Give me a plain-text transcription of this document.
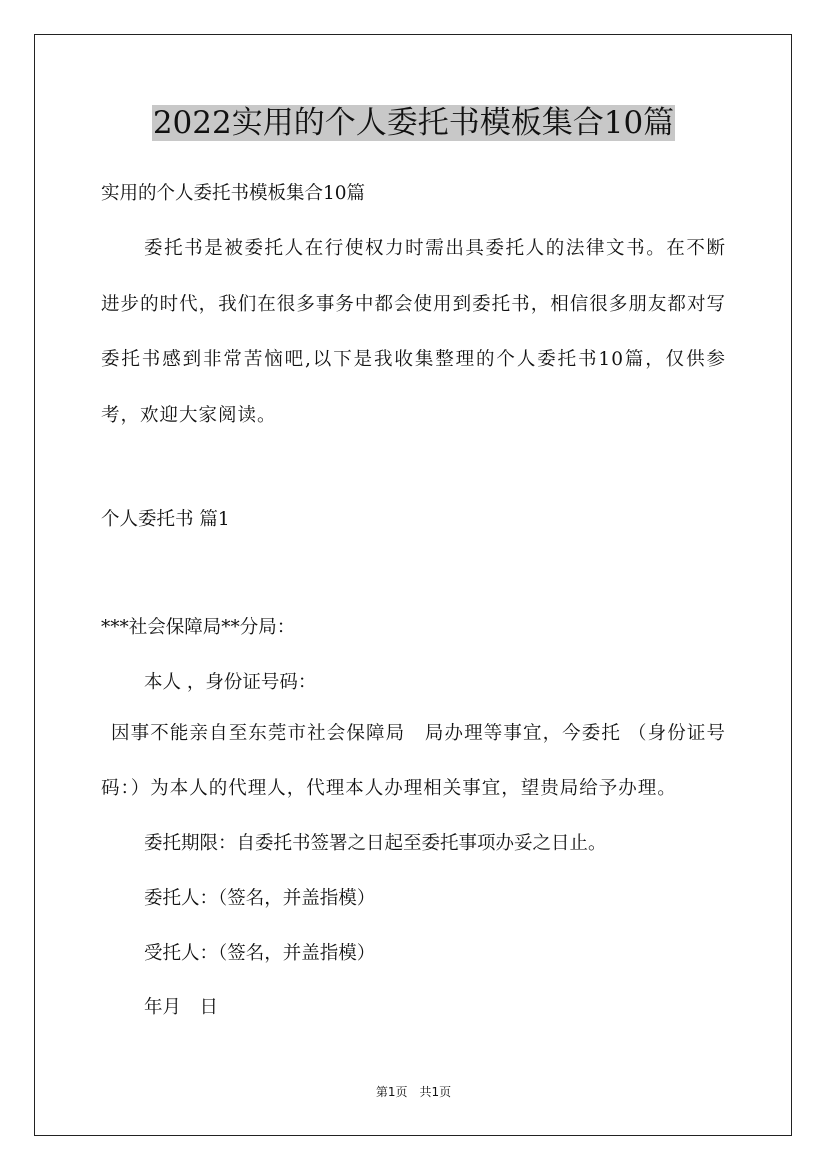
2022实用的个人委托书模板集合10篇
实用的个人委托书模板集合10篇
委托书是被委托人在行使权力时需出具委托人的法律文书。在不断进步的时代，我们在很多事务中都会使用到委托书，相信很多朋友都对写委托书感到非常苦恼吧,以下是我收集整理的个人委托书10篇，仅供参考，欢迎大家阅读。
个人委托书 篇1
***社会保障局**分局：
本人 ，身份证号码：
因事不能亲自至东莞市社会保障局　局办理等事宜，今委托 （身份证号码：）为本人的代理人，代理本人办理相关事宜，望贵局给予办理。
委托期限：自委托书签署之日起至委托事项办妥之日止。
委托人：（签名，并盖指模）
受托人：（签名，并盖指模）
年月　日
第1页　共1页
